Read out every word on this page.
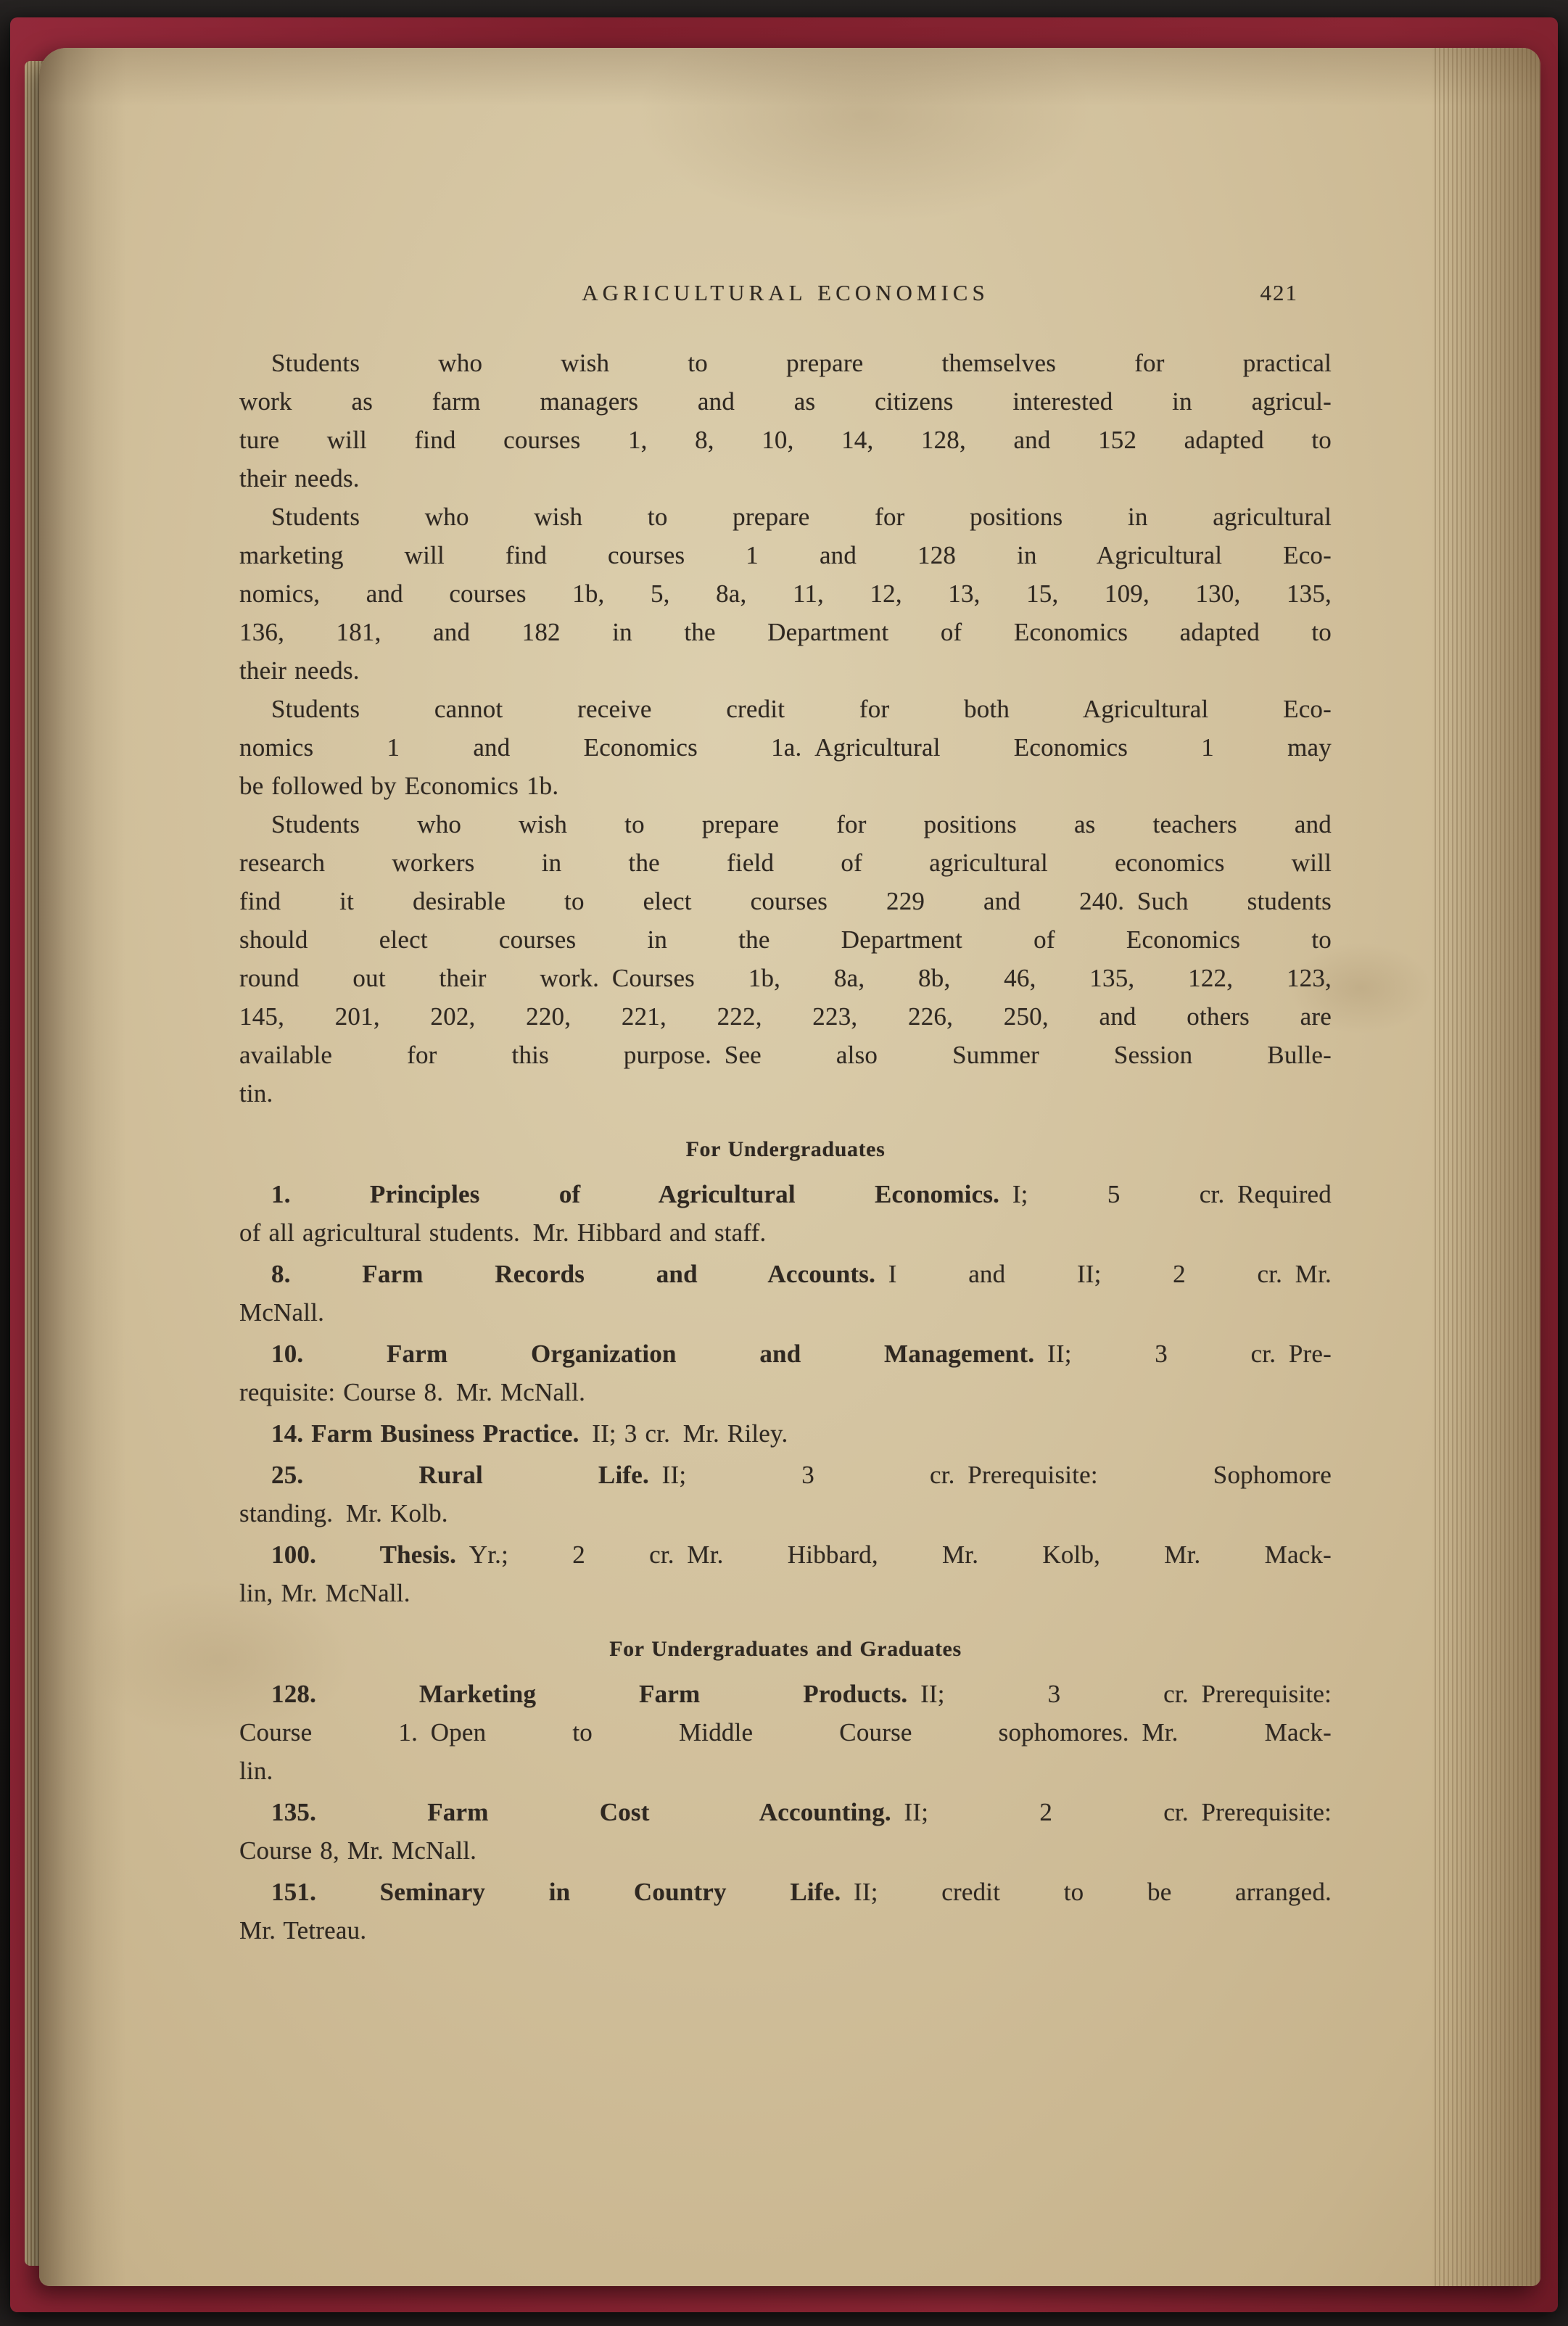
AGRICULTURAL ECONOMICS	421
Students who wish to prepare themselves for practical
work as farm managers and as citizens interested in agricul-
ture will find courses 1, 8, 10, 14, 128, and 152 adapted to
their needs.
Students who wish to prepare for positions in agricultural
marketing will find courses 1 and 128 in Agricultural Eco-
nomics, and courses 1b, 5, 8a, 11, 12, 13, 15, 109, 130, 135,
136, 181, and 182 in the Department of Economics adapted to
their needs.
Students cannot receive credit for both Agricultural Eco-
nomics 1 and Economics 1a. Agricultural Economics 1 may
be followed by Economics 1b.
Students who wish to prepare for positions as teachers and
research workers in the field of agricultural economics will
find it desirable to elect courses 229 and 240. Such students
should elect courses in the Department of Economics to
round out their work. Courses 1b, 8a, 8b, 46, 135, 122, 123,
145, 201, 202, 220, 221, 222, 223, 226, 250, and others are
available for this purpose. See also Summer Session Bulle-
tin.
For Undergraduates
1. Principles of Agricultural Economics. I; 5 cr. Required
of all agricultural students. Mr. Hibbard and staff.
8. Farm Records and Accounts. I and II; 2 cr. Mr.
McNall.
10. Farm Organization and Management. II; 3 cr. Pre-
requisite: Course 8. Mr. McNall.
14. Farm Business Practice. II; 3 cr. Mr. Riley.
25. Rural Life. II; 3 cr. Prerequisite: Sophomore
standing. Mr. Kolb.
100. Thesis. Yr.; 2 cr. Mr. Hibbard, Mr. Kolb, Mr. Mack-
lin, Mr. McNall.
For Undergraduates and Graduates
128. Marketing Farm Products. II; 3 cr. Prerequisite:
Course 1. Open to Middle Course sophomores. Mr. Mack-
lin.
135. Farm Cost Accounting. II; 2 cr. Prerequisite:
Course 8, Mr. McNall.
151. Seminary in Country Life. II; credit to be arranged.
Mr. Tetreau.
